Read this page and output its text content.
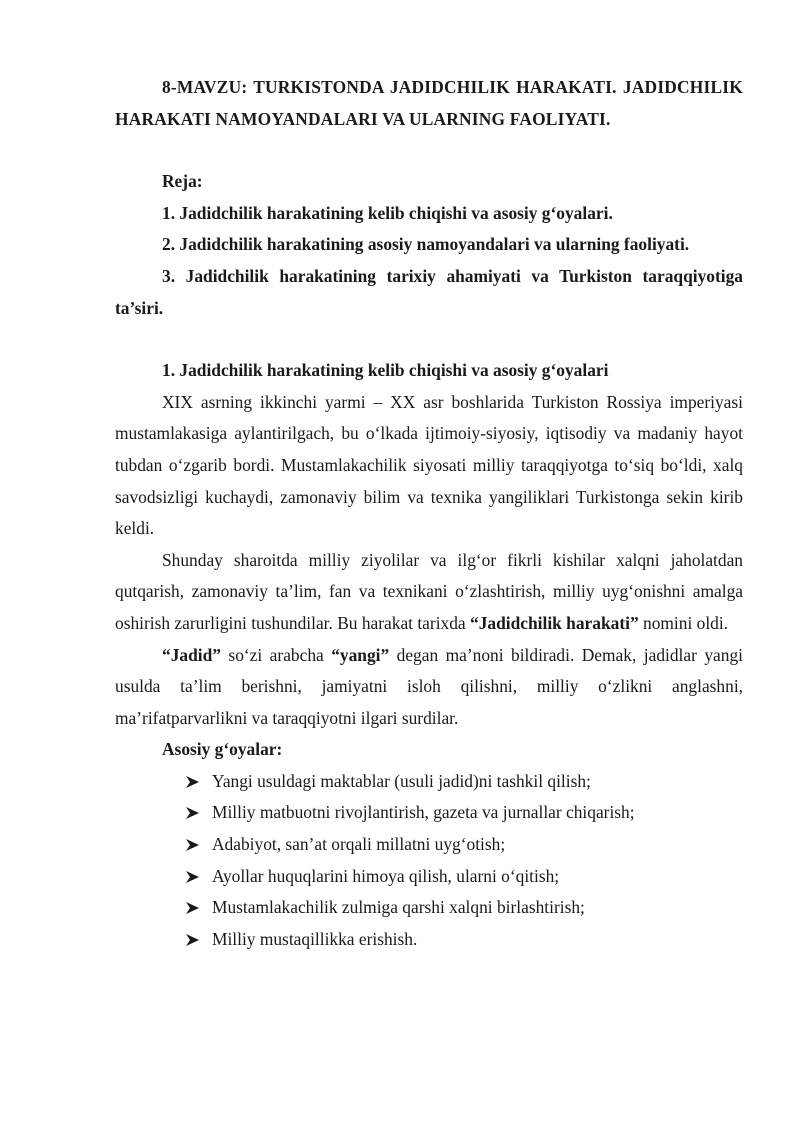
8-MAVZU: TURKISTONDA JADIDCHILIK HARAKATI. JADIDCHILIK HARAKATI NAMOYANDALARI VA ULARNING FAOLIYATI.

Reja:

1. Jadidchilik harakatining kelib chiqishi va asosiy g‘oyalari.

2. Jadidchilik harakatining asosiy namoyandalari va ularning faoliyati.

3. Jadidchilik harakatining tarixiy ahamiyati va Turkiston taraqqiyotiga ta’siri.

1. Jadidchilik harakatining kelib chiqishi va asosiy g‘oyalari

XIX asrning ikkinchi yarmi – XX asr boshlarida Turkiston Rossiya imperiyasi mustamlakasiga aylantirilgach, bu o‘lkada ijtimoiy-siyosiy, iqtisodiy va madaniy hayot tubdan o‘zgarib bordi. Mustamlakachilik siyosati milliy taraqqiyotga to‘siq bo‘ldi, xalq savodsizligi kuchaydi, zamonaviy bilim va texnika yangiliklari Turkistonga sekin kirib keldi.

Shunday sharoitda milliy ziyolilar va ilg‘or fikrli kishilar xalqni jaholatdan qutqarish, zamonaviy ta’lim, fan va texnikani o‘zlashtirish, milliy uyg‘onishni amalga oshirish zarurligini tushundilar. Bu harakat tarixda “Jadidchilik harakati” nomini oldi.

“Jadid” so‘zi arabcha “yangi” degan ma’noni bildiradi. Demak, jadidlar yangi usulda ta’lim berishni, jamiyatni isloh qilishni, milliy o‘zlikni anglashni, ma’rifatparvarlikni va taraqqiyotni ilgari surdilar.

Asosiy g‘oyalar:

Yangi usuldagi maktablar (usuli jadid)ni tashkil qilish;
Milliy matbuotni rivojlantirish, gazeta va jurnallar chiqarish;
Adabiyot, san’at orqali millatni uyg‘otish;
Ayollar huquqlarini himoya qilish, ularni o‘qitish;
Mustamlakachilik zulmiga qarshi xalqni birlashtirish;
Milliy mustaqillikka erishish.
